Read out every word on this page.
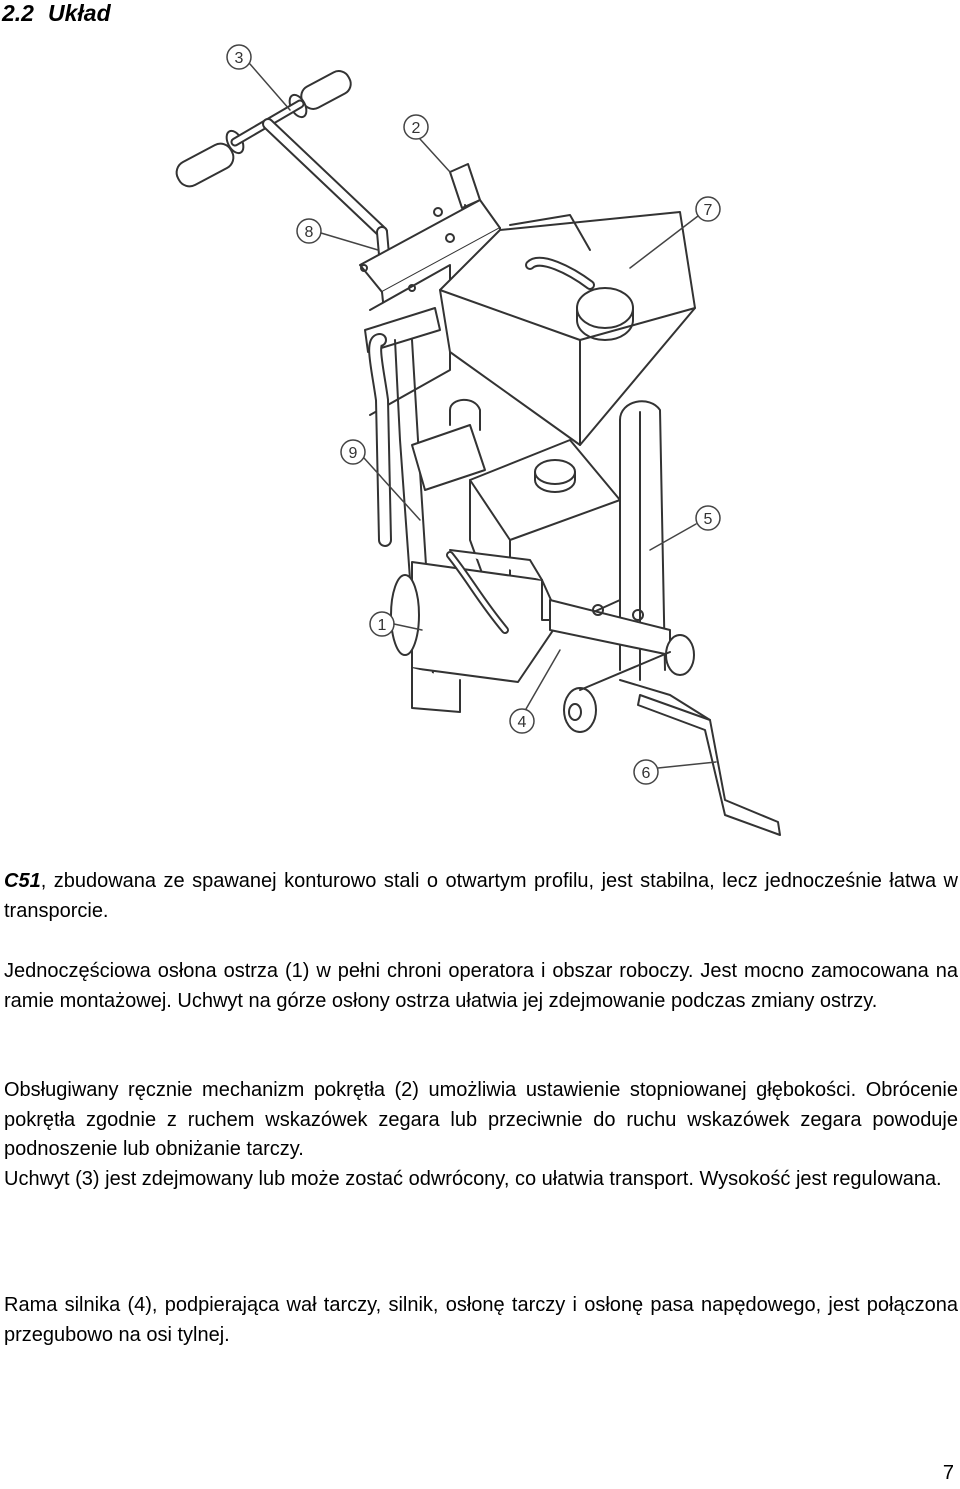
2.2 Układ
3
2
7
8
9
5
1
4
6

C51, zbudowana ze spawanej konturowo stali o otwartym profilu, jest stabilna, lecz jednocześnie łatwa w transporcie.

Jednoczęściowa osłona ostrza (1) w pełni chroni operatora i obszar roboczy. Jest mocno zamocowana na ramie montażowej. Uchwyt na górze osłony ostrza ułatwia jej zdejmowanie podczas zmiany ostrzy.

Obsługiwany ręcznie mechanizm pokrętła (2) umożliwia ustawienie stopniowanej głębokości. Obrócenie pokrętła zgodnie z ruchem wskazówek zegara lub przeciwnie do ruchu wskazówek zegara powoduje podnoszenie lub obniżanie tarczy.

Uchwyt (3) jest zdejmowany lub może zostać odwrócony, co ułatwia transport. Wysokość jest regulowana.

Rama silnika (4), podpierająca wał tarczy, silnik, osłonę tarczy i osłonę pasa napędowego, jest połączona przegubowo na osi tylnej.

7
